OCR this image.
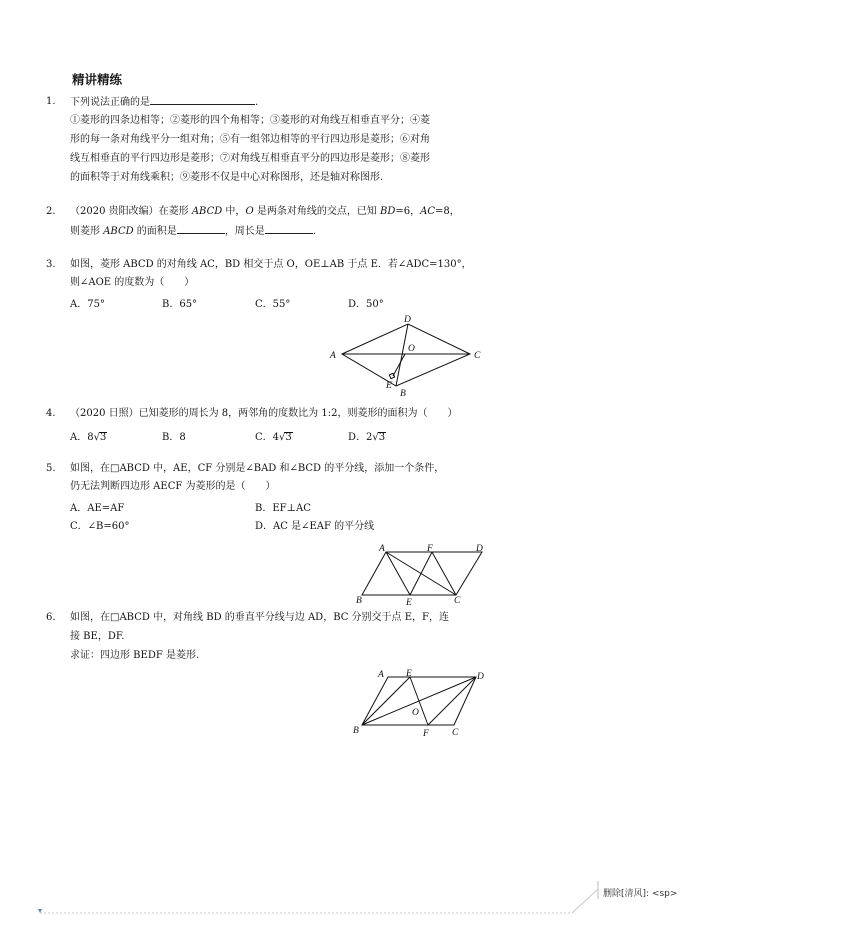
精讲精练
1. 下列说法正确的是	.
①菱形的四条边相等；②菱形的四个角相等；③菱形的对角线互相垂直平分；④菱
形的每一条对角线平分一组对角；⑤有一组邻边相等的平行四边形是菱形；⑥对角
线互相垂直的平行四边形是菱形；⑦对角线互相垂直平分的四边形是菱形；⑧菱形
的面积等于对角线乘积；⑨菱形不仅是中心对称图形，还是轴对称图形.
2. （2020 贵阳改编）在菱形 ABCD 中，O 是两条对角线的交点，已知 BD=6，AC=8，
则菱形 ABCD 的面积是	，周长是	.
3. 如图，菱形 ABCD 的对角线 AC，BD 相交于点 O，OE⊥AB 于点 E．若∠ADC=130°，
则∠AOE 的度数为（　　）
A．75°	B．65°	C．55°	D．50°
D
A	C
O
E
B
4. （2020 日照）已知菱形的周长为 8，两邻角的度数比为 1:2，则菱形的面积为（　　）
A．8√3	B．8	C．4√3	D．2√3
5. 如图，在□ABCD 中，AE，CF 分别是∠BAD 和∠BCD 的平分线，添加一个条件，
仍无法判断四边形 AECF 为菱形的是（　　）
A．AE=AF	B．EF⊥AC
C．∠B=60°	D．AC 是∠EAF 的平分线
A	F	D
B	E	C
6. 如图，在□ABCD 中，对角线 BD 的垂直平分线与边 AD，BC 分别交于点 E，F，连
接 BE，DF.
求证：四边形 BEDF 是菱形.
A E	D
O
B	F C
删除[清风]: <sp>
